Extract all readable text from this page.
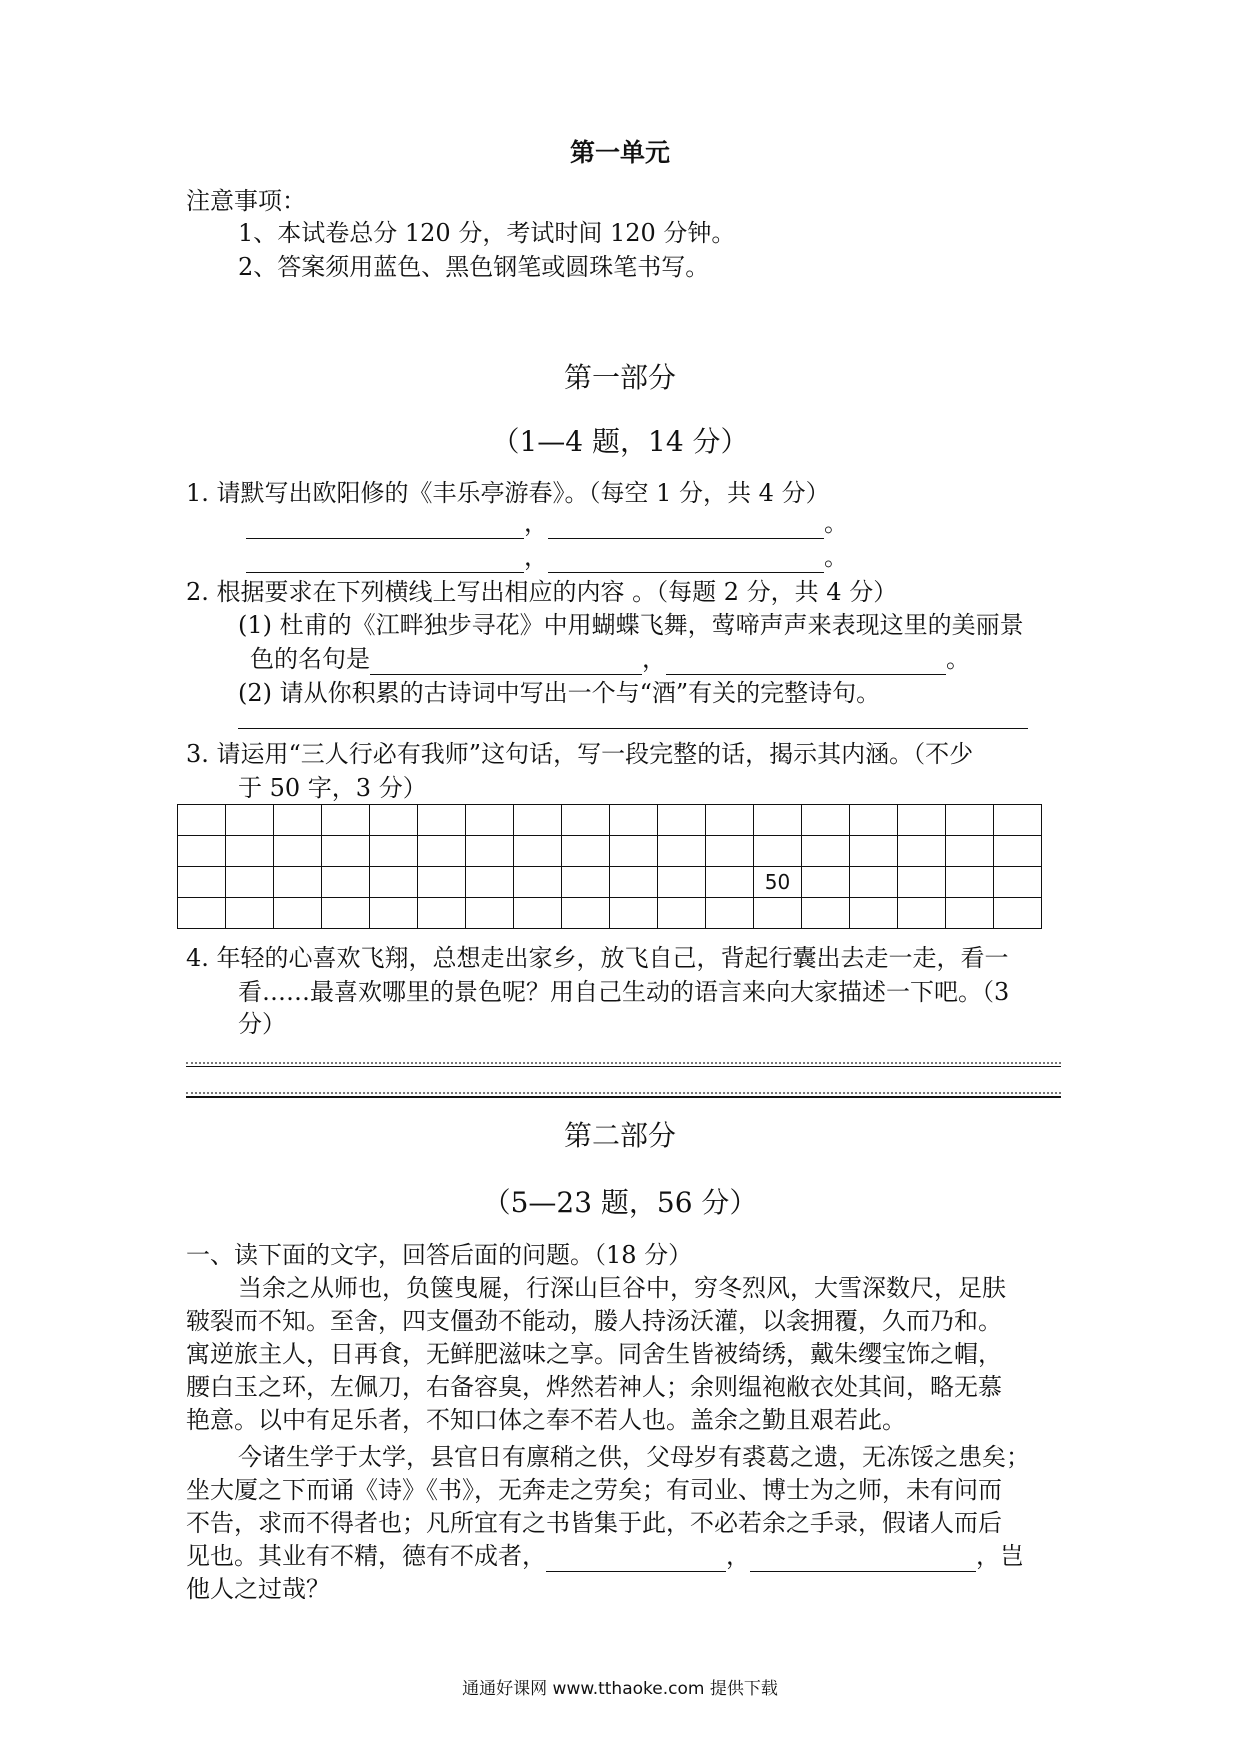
第一单元
注意事项：
1、本试卷总分 120 分，考试时间 120 分钟。
2、答案须用蓝色、黑色钢笔或圆珠笔书写。
第一部分
（1—4 题，14 分）
1. 请默写出欧阳修的《丰乐亭游春》。（每空 1 分，共 4 分）
，	。
，	。
2. 根据要求在下列横线上写出相应的内容 。（每题 2 分，共 4 分）
(1) 杜甫的《江畔独步寻花》中用蝴蝶飞舞，莺啼声声来表现这里的美丽景
色的名句是	，	。
(2) 请从你积累的古诗词中写出一个与“酒”有关的完整诗句。
3. 请运用“三人行必有我师”这句话，写一段完整的话，揭示其内涵。（不少
于 50 字，3 分）

												50					

4. 年轻的心喜欢飞翔，总想走出家乡，放飞自己，背起行囊出去走一走，看一
看……最喜欢哪里的景色呢？用自己生动的语言来向大家描述一下吧。（3
分）
第二部分
（5—23 题，56 分）
一、读下面的文字，回答后面的问题。（18 分）
当余之从师也，负箧曳屣，行深山巨谷中，穷冬烈风，大雪深数尺，足肤
皲裂而不知。至舍，四支僵劲不能动，媵人持汤沃灌，以衾拥覆，久而乃和。
寓逆旅主人，日再食，无鲜肥滋味之享。同舍生皆被绮绣，戴朱缨宝饰之帽，
腰白玉之环，左佩刀，右备容臭，烨然若神人；余则缊袍敝衣处其间，略无慕
艳意。以中有足乐者，不知口体之奉不若人也。盖余之勤且艰若此。
今诸生学于太学，县官日有廪稍之供，父母岁有裘葛之遗，无冻馁之患矣；
坐大厦之下而诵《诗》《书》，无奔走之劳矣；有司业、博士为之师，未有问而
不告，求而不得者也；凡所宜有之书皆集于此，不必若余之手录，假诸人而后
见也。其业有不精，德有不成者，	，	，岂
他人之过哉？
通通好课网 www.tthaoke.com 提供下载
